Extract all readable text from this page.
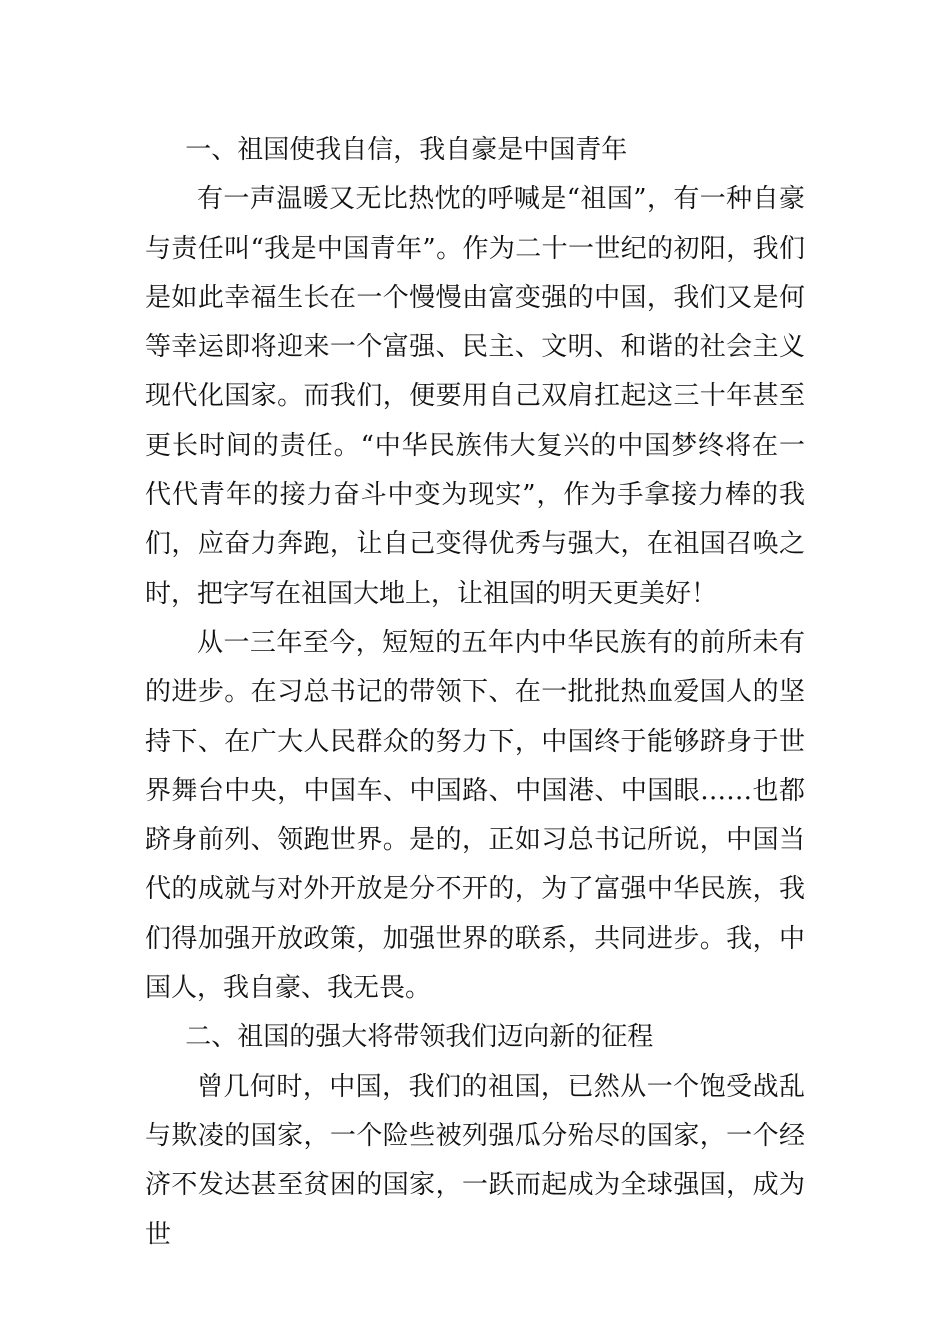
一、祖国使我自信，我自豪是中国青年

有一声温暖又无比热忱的呼喊是“祖国”，有一种自豪与责任叫“我是中国青年”。作为二十一世纪的初阳，我们是如此幸福生长在一个慢慢由富变强的中国，我们又是何等幸运即将迎来一个富强、民主、文明、和谐的社会主义现代化国家。而我们，便要用自己双肩扛起这三十年甚至更长时间的责任。“中华民族伟大复兴的中国梦终将在一代代青年的接力奋斗中变为现实”，作为手拿接力棒的我们，应奋力奔跑，让自己变得优秀与强大，在祖国召唤之时，把字写在祖国大地上，让祖国的明天更美好！

从一三年至今，短短的五年内中华民族有的前所未有的进步。在习总书记的带领下、在一批批热血爱国人的坚持下、在广大人民群众的努力下，中国终于能够跻身于世界舞台中央，中国车、中国路、中国港、中国眼……也都跻身前列、领跑世界。是的，正如习总书记所说，中国当代的成就与对外开放是分不开的，为了富强中华民族，我们得加强开放政策，加强世界的联系，共同进步。我，中国人，我自豪、我无畏。

二、祖国的强大将带领我们迈向新的征程

曾几何时，中国，我们的祖国，已然从一个饱受战乱与欺凌的国家，一个险些被列强瓜分殆尽的国家，一个经济不发达甚至贫困的国家，一跃而起成为全球强国，成为世
